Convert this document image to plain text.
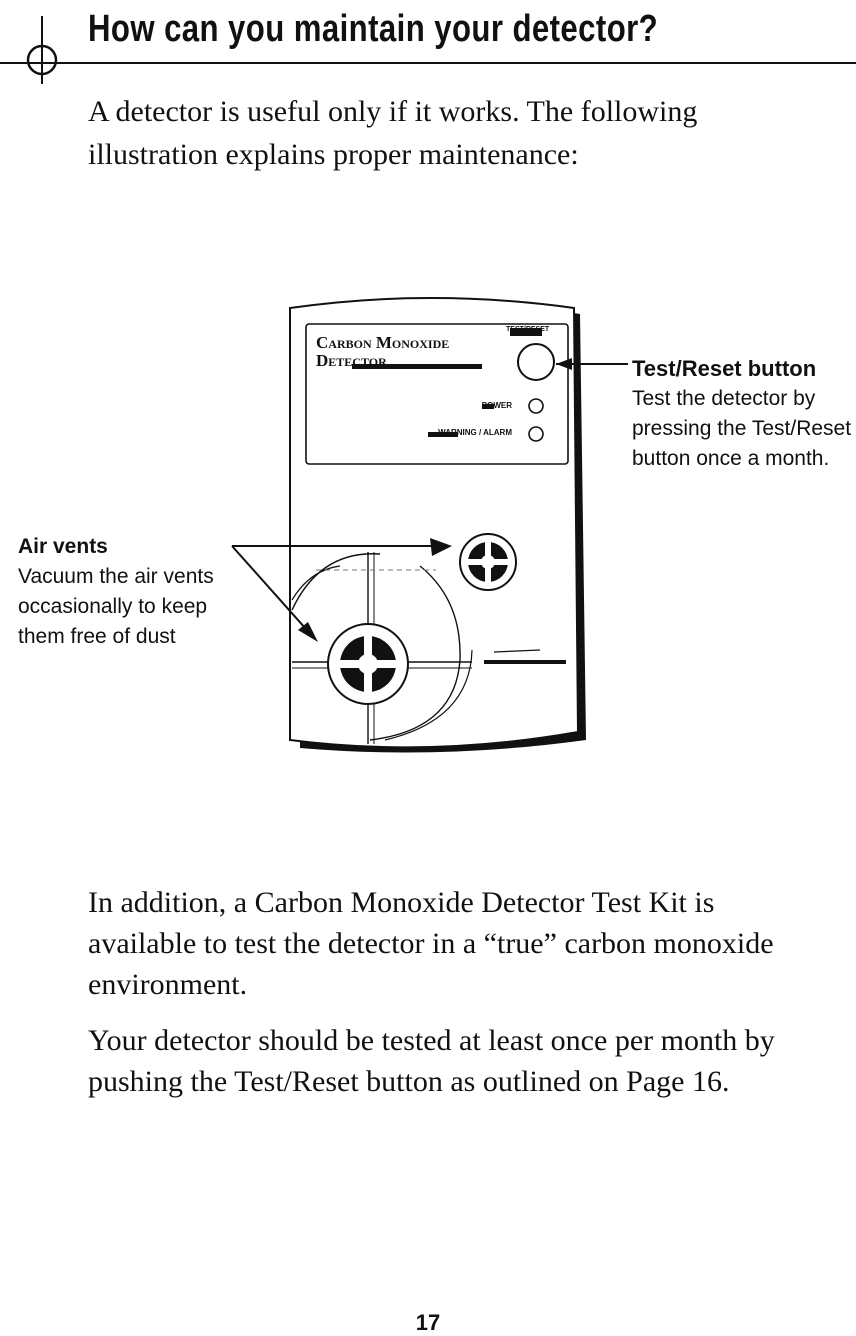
How can you maintain your detector?

A detector is useful only if it works. The following illustration explains proper maintenance:

Carbon Monoxide
Detector

TEST/RESET
POWER
WARNING / ALARM
Test/Reset button
Test the detector by pressing the Test/Reset button once a month.
Air vents
Vacuum the air vents occasionally to keep them free of dust

In addition, a Carbon Monoxide Detector Test Kit is available to test the detector in a “true” carbon monoxide environment.

Your detector should be tested at least once per month by pushing the Test/Reset button as outlined on Page 16.

17
